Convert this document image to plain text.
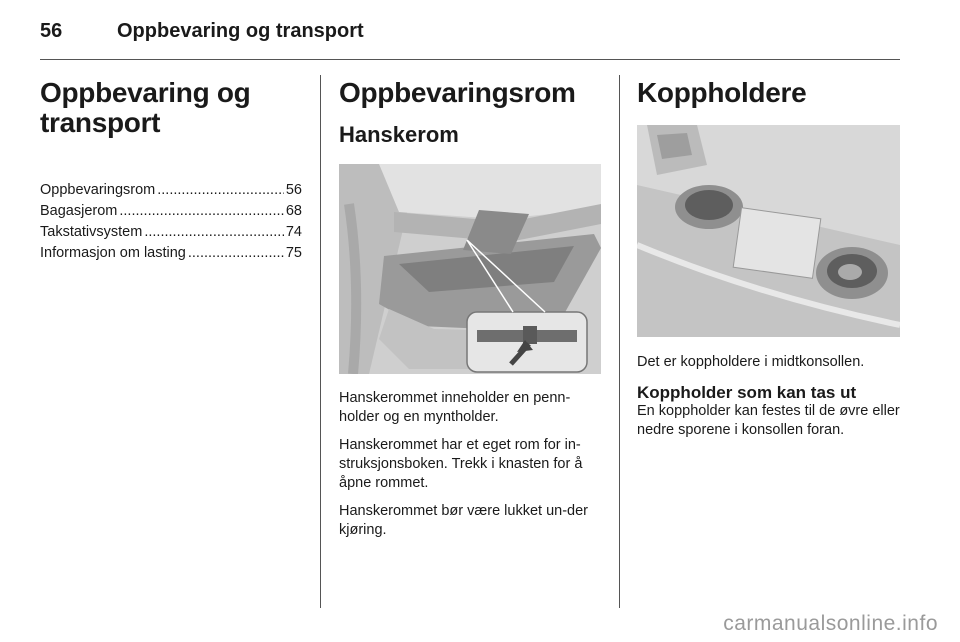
56	Oppbevaring og transport
Oppbevaring og
transport
Oppbevaringsrom .....	56
Bagasjerom .....	68
Takstativsystem .....	74
Informasjon om lasting .....	75
Oppbevaringsrom
Hanskerom

Hanskerommet inneholder en penn-holder og en myntholder.

Hanskerommet har et eget rom for in-struksjonsboken. Trekk i knasten for å åpne rommet.

Hanskerommet bør være lukket un-der kjøring.

Koppholdere

Det er koppholdere i midtkonsollen.

Koppholder som kan tas ut

En koppholder kan festes til de øvre eller nedre sporene i konsollen foran.

carmanualsonline.info
